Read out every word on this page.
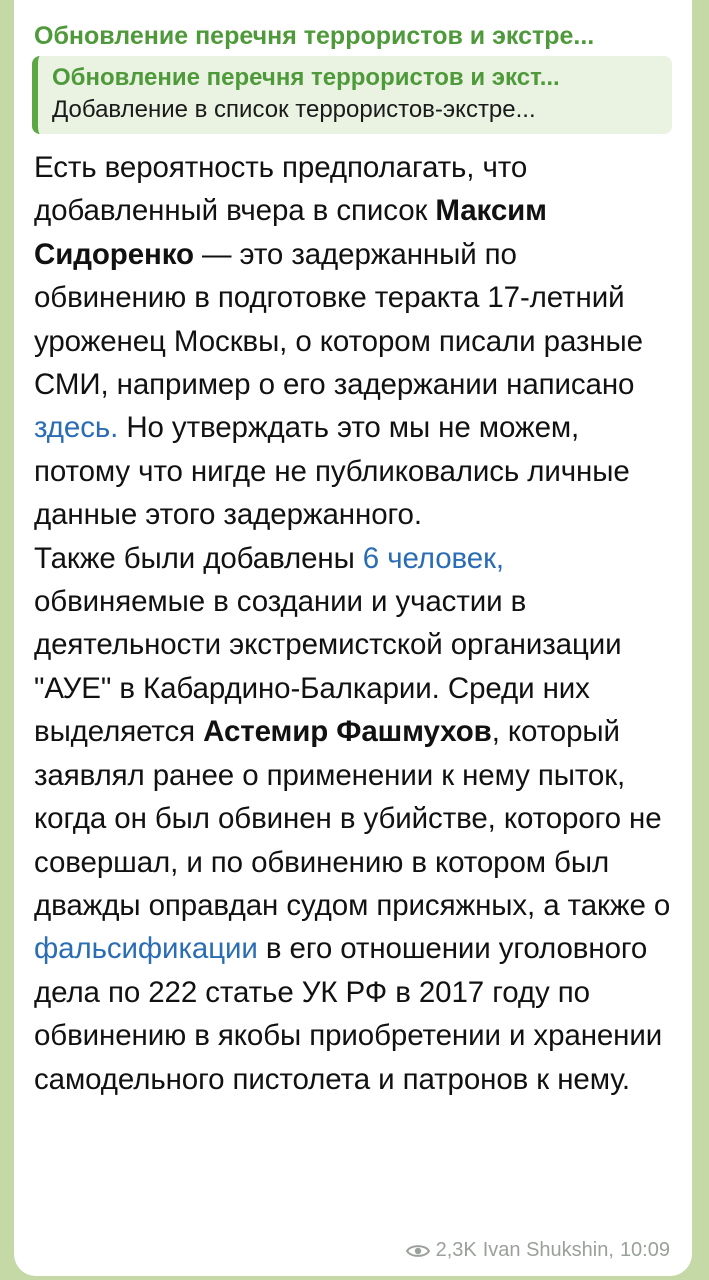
Обновление перечня террористов и экстре...
Обновление перечня террористов и экст...
Добавление в список террористов-экстре...
Есть вероятность предполагать, что добавленный вчера в список Максим Сидоренко — это задержанный по обвинению в подготовке теракта 17-летний уроженец Москвы, о котором писали разные СМИ, например о его задержании написано здесь. Но утверждать это мы не можем, потому что нигде не публиковались личные данные этого задержанного.
Также были добавлены 6 человек, обвиняемые в создании и участии в деятельности экстремистской организации "АУЕ" в Кабардино-Балкарии. Среди них выделяется Астемир Фашмухов, который заявлял ранее о применении к нему пыток, когда он был обвинен в убийстве, которого не совершал, и по обвинению в котором был дважды оправдан судом присяжных, а также о фальсификации в его отношении уголовного дела по 222 статье УК РФ в 2017 году по обвинению в якобы приобретении и хранении самодельного пистолета и патронов к нему.
2,3K Ivan Shukshin, 10:09
